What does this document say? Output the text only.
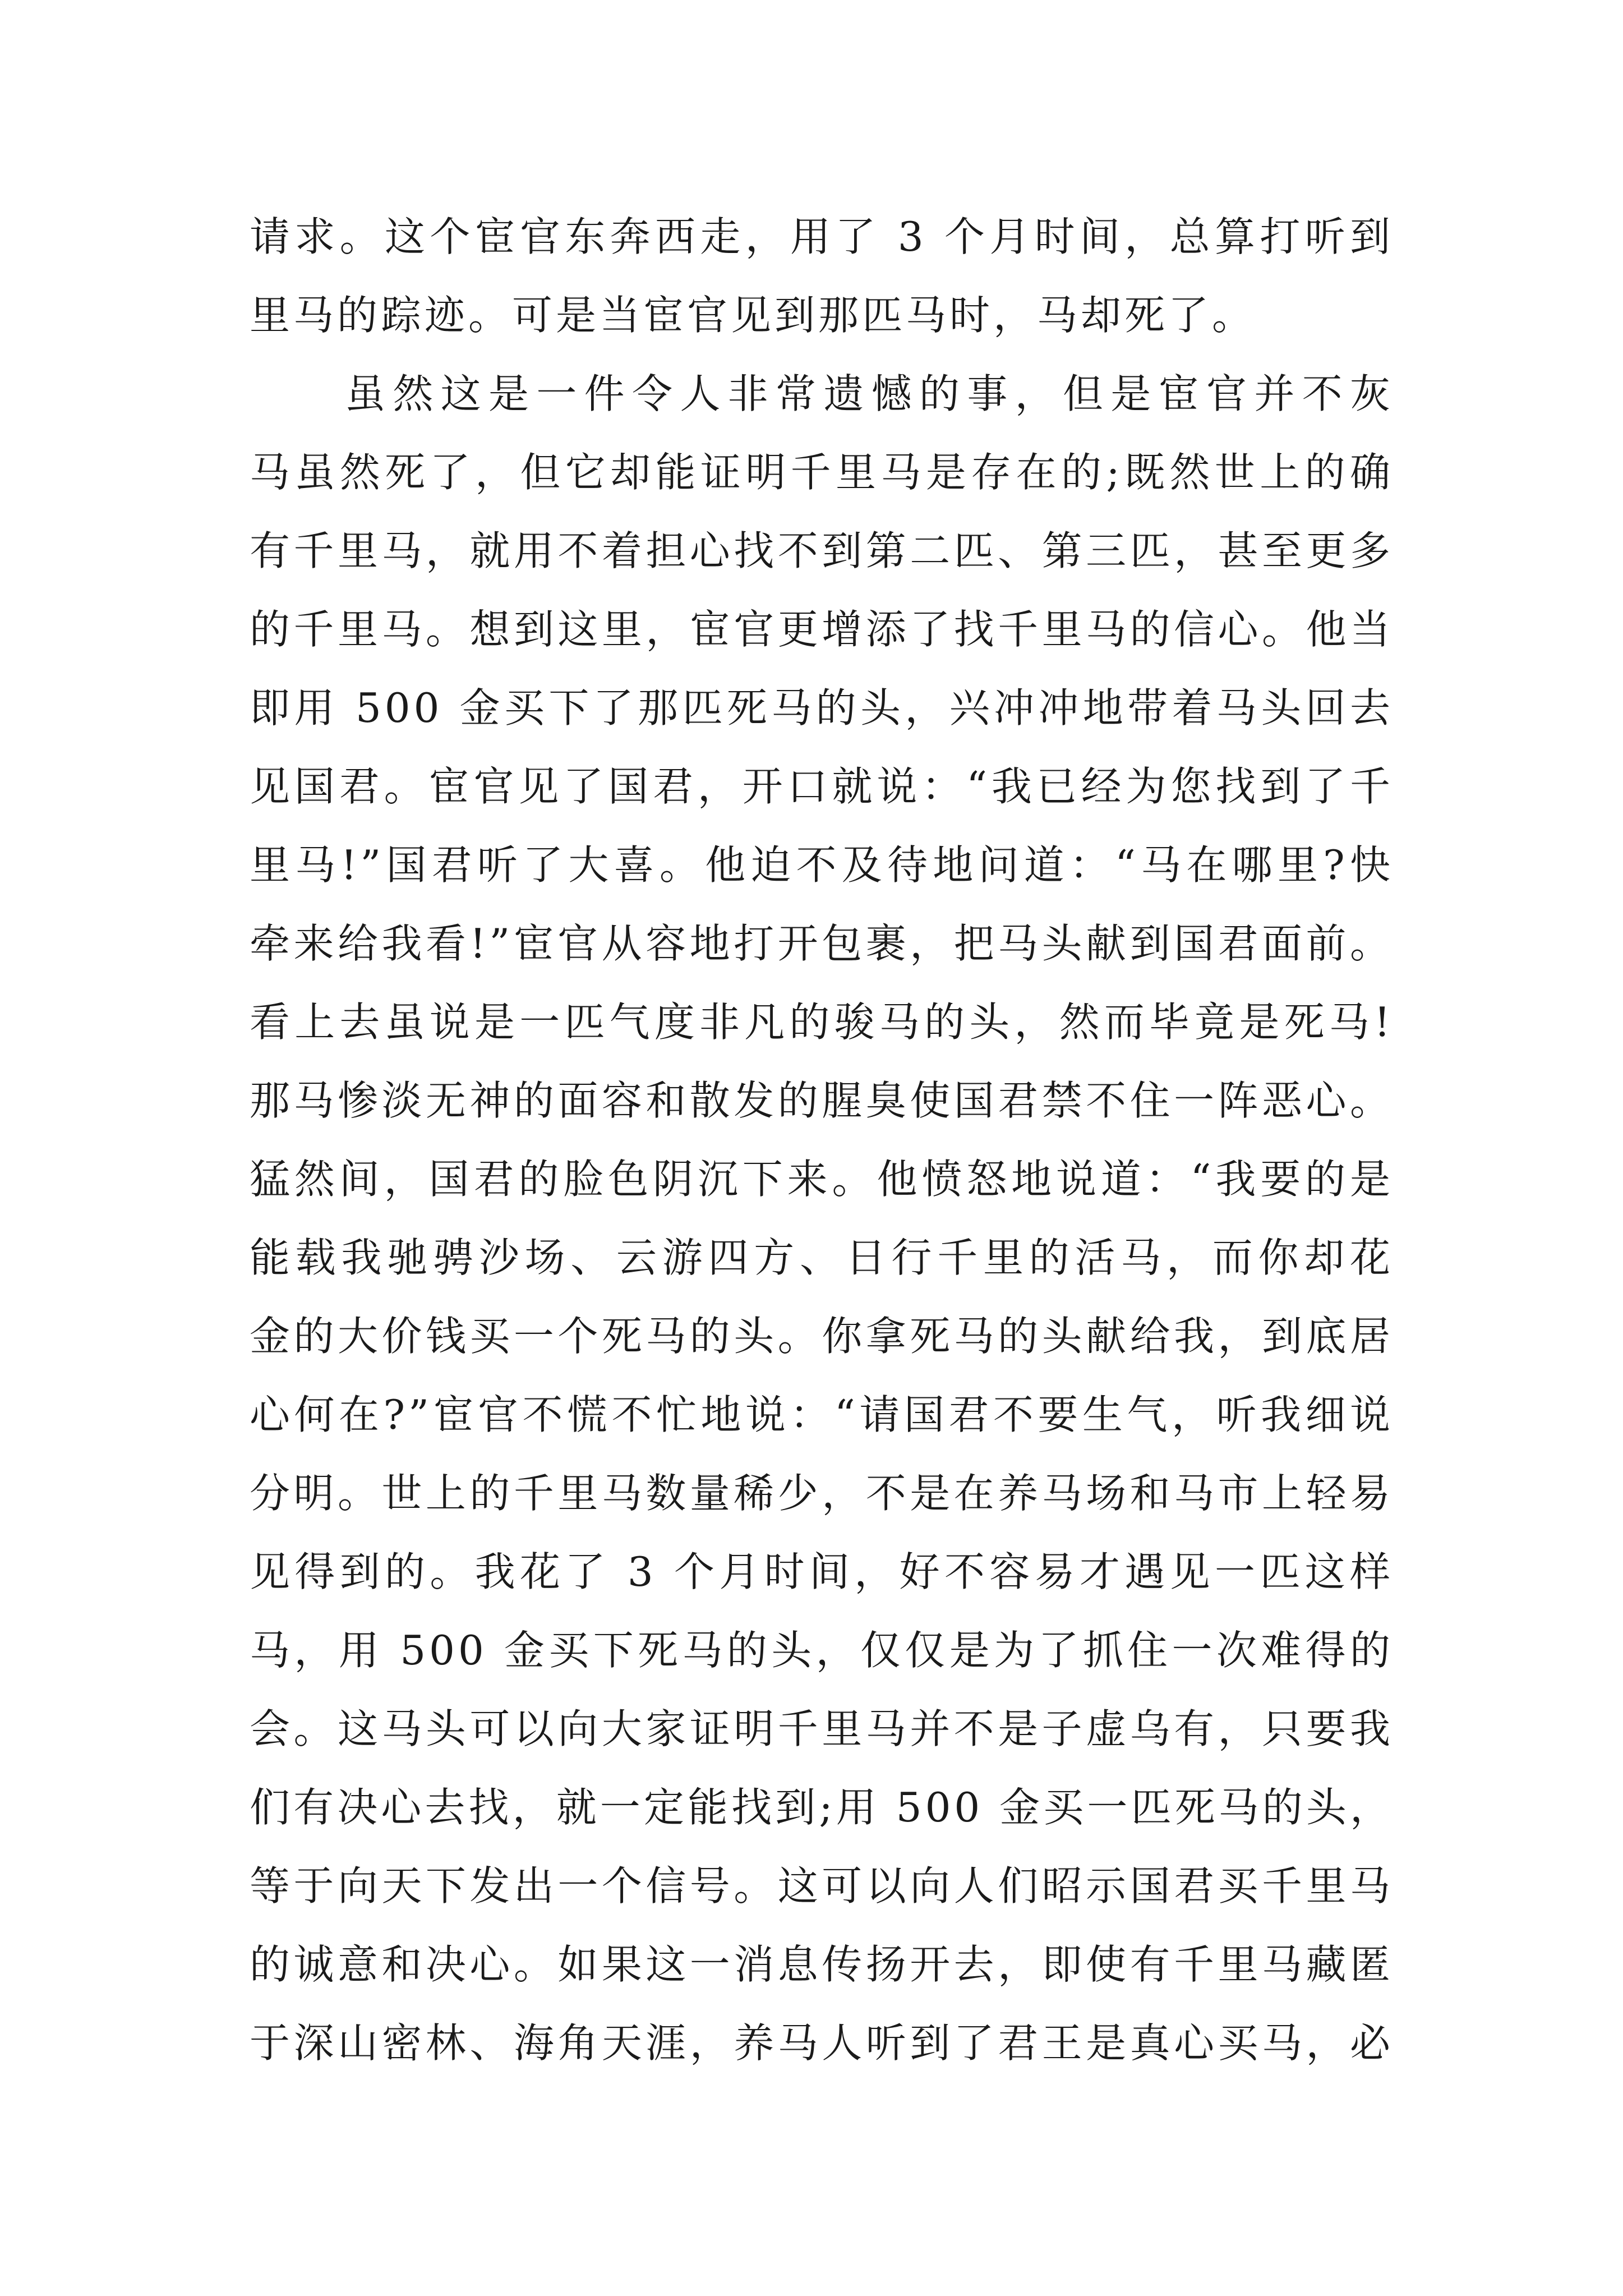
请求。这个宦官东奔西走，用了 3 个月时间，总算打听到
里马的踪迹。可是当宦官见到那匹马时，马却死了。
虽然这是一件令人非常遗憾的事，但是宦官并不灰
马虽然死了，但它却能证明千里马是存在的;既然世上的确
有千里马，就用不着担心找不到第二匹、第三匹，甚至更多
的千里马。想到这里，宦官更增添了找千里马的信心。他当
即用 500 金买下了那匹死马的头，兴冲冲地带着马头回去
见国君。宦官见了国君，开口就说：“我已经为您找到了千
里马!”国君听了大喜。他迫不及待地问道：“马在哪里?快
牵来给我看!”宦官从容地打开包裹，把马头献到国君面前。
看上去虽说是一匹气度非凡的骏马的头，然而毕竟是死马!
那马惨淡无神的面容和散发的腥臭使国君禁不住一阵恶心。
猛然间，国君的脸色阴沉下来。他愤怒地说道：“我要的是
能载我驰骋沙场、云游四方、日行千里的活马，而你却花
金的大价钱买一个死马的头。你拿死马的头献给我，到底居
心何在?”宦官不慌不忙地说：“请国君不要生气，听我细说
分明。世上的千里马数量稀少，不是在养马场和马市上轻易
见得到的。我花了 3 个月时间，好不容易才遇见一匹这样
马，用 500 金买下死马的头，仅仅是为了抓住一次难得的
会。这马头可以向大家证明千里马并不是子虚乌有，只要我
们有决心去找，就一定能找到;用 500 金买一匹死马的头，
等于向天下发出一个信号。这可以向人们昭示国君买千里马
的诚意和决心。如果这一消息传扬开去，即使有千里马藏匿
于深山密林、海角天涯，养马人听到了君王是真心买马，必
